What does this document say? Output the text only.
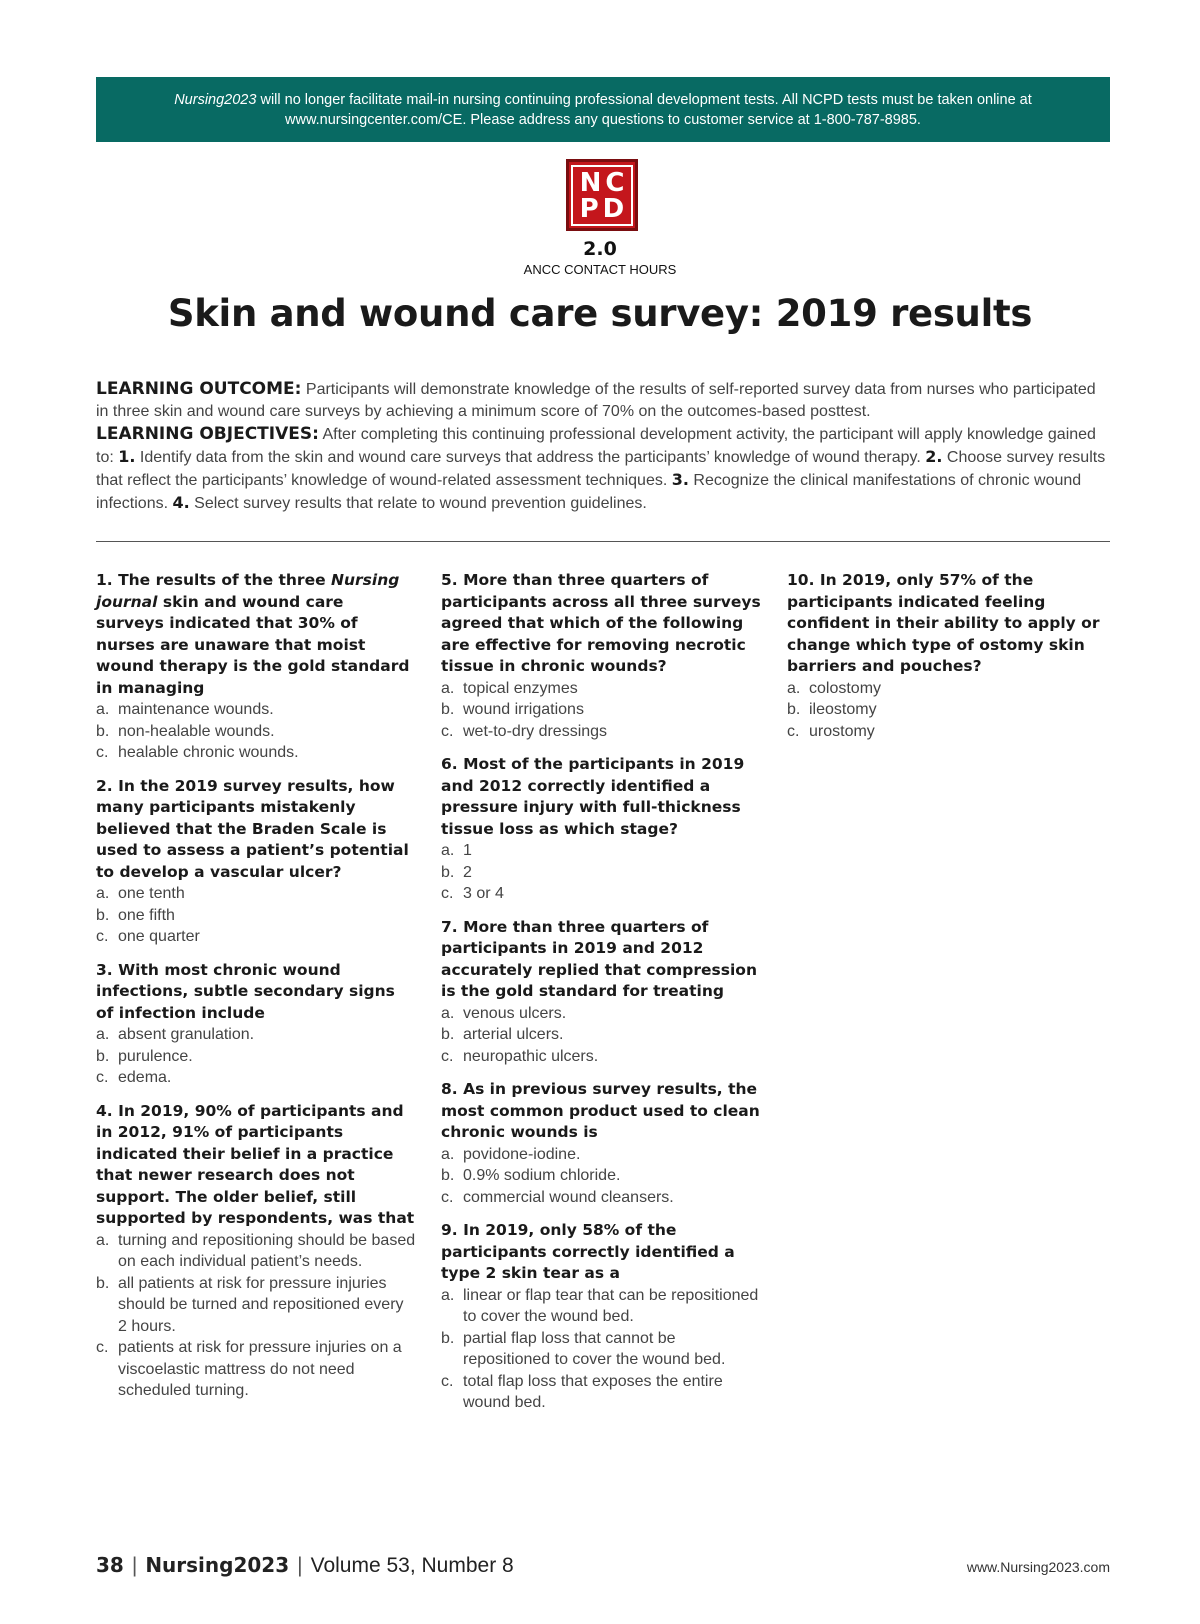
Nursing2023 will no longer facilitate mail-in nursing continuing professional development tests. All NCPD tests must be taken online at
www.nursingcenter.com/CE. Please address any questions to customer service at 1-800-787-8985.
NC
PD
2.0
ANCC CONTACT HOURS
Skin and wound care survey: 2019 results

LEARNING OUTCOME: Participants will demonstrate knowledge of the results of self-reported survey data from nurses who participated in three skin and wound care surveys by achieving a minimum score of 70% on the outcomes-based posttest.

LEARNING OBJECTIVES: After completing this continuing professional development activity, the participant will apply knowledge gained to: 1. Identify data from the skin and wound care surveys that address the participants’ knowledge of wound therapy. 2. Choose survey results that reflect the participants’ knowledge of wound-related assessment techniques. 3. Recognize the clinical manifestations of chronic wound infections. 4. Select survey results that relate to wound prevention guidelines.

1. The results of the three Nursing journal skin and wound care surveys indicated that 30% of nurses are unaware that moist wound therapy is the gold standard in managing
a. maintenance wounds.
b. non-healable wounds.
c. healable chronic wounds.
2. In the 2019 survey results, how many participants mistakenly believed that the Braden Scale is used to assess a patient’s potential to develop a vascular ulcer?
a. one tenth
b. one fifth
c. one quarter
3. With most chronic wound infections, subtle secondary signs of infection include
a. absent granulation.
b. purulence.
c. edema.
4. In 2019, 90% of participants and in 2012, 91% of participants indicated their belief in a practice that newer research does not support. The older belief, still supported by respondents, was that
a. turning and repositioning should be based on each individual patient’s needs.
b. all patients at risk for pressure injuries should be turned and repositioned every 2 hours.
c. patients at risk for pressure injuries on a viscoelastic mattress do not need scheduled turning.
5. More than three quarters of participants across all three surveys agreed that which of the following are effective for removing necrotic tissue in chronic wounds?
a. topical enzymes
b. wound irrigations
c. wet-to-dry dressings
6. Most of the participants in 2019 and 2012 correctly identified a pressure injury with full-thickness tissue loss as which stage?
a. 1
b. 2
c. 3 or 4
7. More than three quarters of participants in 2019 and 2012 accurately replied that compression is the gold standard for treating
a. venous ulcers.
b. arterial ulcers.
c. neuropathic ulcers.
8. As in previous survey results, the most common product used to clean chronic wounds is
a. povidone-iodine.
b. 0.9% sodium chloride.
c. commercial wound cleansers.
9. In 2019, only 58% of the participants correctly identified a type 2 skin tear as a
a. linear or flap tear that can be repositioned to cover the wound bed.
b. partial flap loss that cannot be repositioned to cover the wound bed.
c. total flap loss that exposes the entire wound bed.
10. In 2019, only 57% of the participants indicated feeling confident in their ability to apply or change which type of ostomy skin barriers and pouches?
a. colostomy
b. ileostomy
c. urostomy
38 | Nursing2023 | Volume 53, Number 8	www.Nursing2023.com
